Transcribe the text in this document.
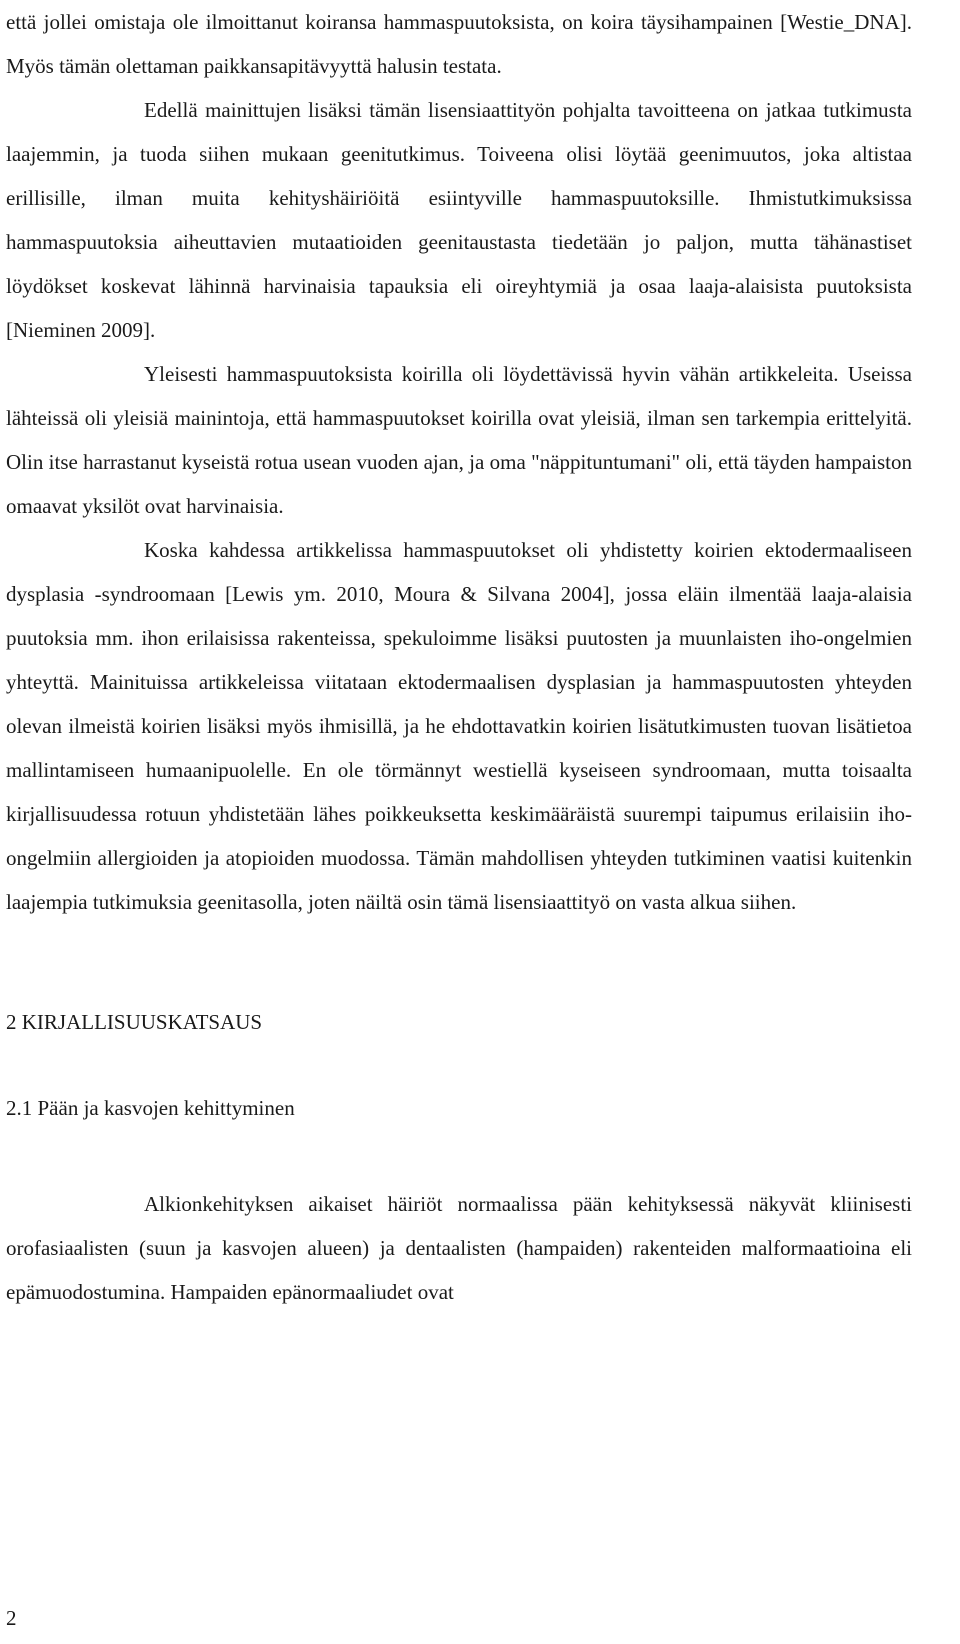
että jollei omistaja ole ilmoittanut koiransa hammaspuutoksista, on koira täysihampainen [Westie_DNA]. Myös tämän olettaman paikkansapitävyyttä halusin testata.

Edellä mainittujen lisäksi tämän lisensiaattityön pohjalta tavoitteena on jatkaa tutkimusta laajemmin, ja tuoda siihen mukaan geenitutkimus. Toiveena olisi löytää geenimuutos, joka altistaa erillisille, ilman muita kehityshäiriöitä esiintyville hammaspuutoksille. Ihmistutkimuksissa hammaspuutoksia aiheuttavien mutaatioiden geenitaustasta tiedetään jo paljon, mutta tähänastiset löydökset koskevat lähinnä harvinaisia tapauksia eli oireyhtymiä ja osaa laaja-alaisista puutoksista [Nieminen 2009].

Yleisesti hammaspuutoksista koirilla oli löydettävissä hyvin vähän artikkeleita. Useissa lähteissä oli yleisiä mainintoja, että hammaspuutokset koirilla ovat yleisiä, ilman sen tarkempia erittelyitä. Olin itse harrastanut kyseistä rotua usean vuoden ajan, ja oma "näppituntumani" oli, että täyden hampaiston omaavat yksilöt ovat harvinaisia.

Koska kahdessa artikkelissa hammaspuutokset oli yhdistetty koirien ektodermaaliseen dysplasia -syndroomaan [Lewis ym. 2010, Moura & Silvana 2004], jossa eläin ilmentää laaja-alaisia puutoksia mm. ihon erilaisissa rakenteissa, spekuloimme lisäksi puutosten ja muunlaisten iho-ongelmien yhteyttä. Mainituissa artikkeleissa viitataan ektodermaalisen dysplasian ja hammaspuutosten yhteyden olevan ilmeistä koirien lisäksi myös ihmisillä, ja he ehdottavatkin koirien lisätutkimusten tuovan lisätietoa mallintamiseen humaanipuolelle. En ole törmännyt westiellä kyseiseen syndroomaan, mutta toisaalta kirjallisuudessa rotuun yhdistetään lähes poikkeuksetta keskimääräistä suurempi taipumus erilaisiin iho-ongelmiin allergioiden ja atopioiden muodossa. Tämän mahdollisen yhteyden tutkiminen vaatisi kuitenkin laajempia tutkimuksia geenitasolla, joten näiltä osin tämä lisensiaattityö on vasta alkua siihen.

2 KIRJALLISUUSKATSAUS
2.1 Pään ja kasvojen kehittyminen

Alkionkehityksen aikaiset häiriöt normaalissa pään kehityksessä näkyvät kliinisesti orofasiaalisten (suun ja kasvojen alueen) ja dentaalisten (hampaiden) rakenteiden malformaatioina eli epämuodostumina. Hampaiden epänormaaliudet ovat

2
